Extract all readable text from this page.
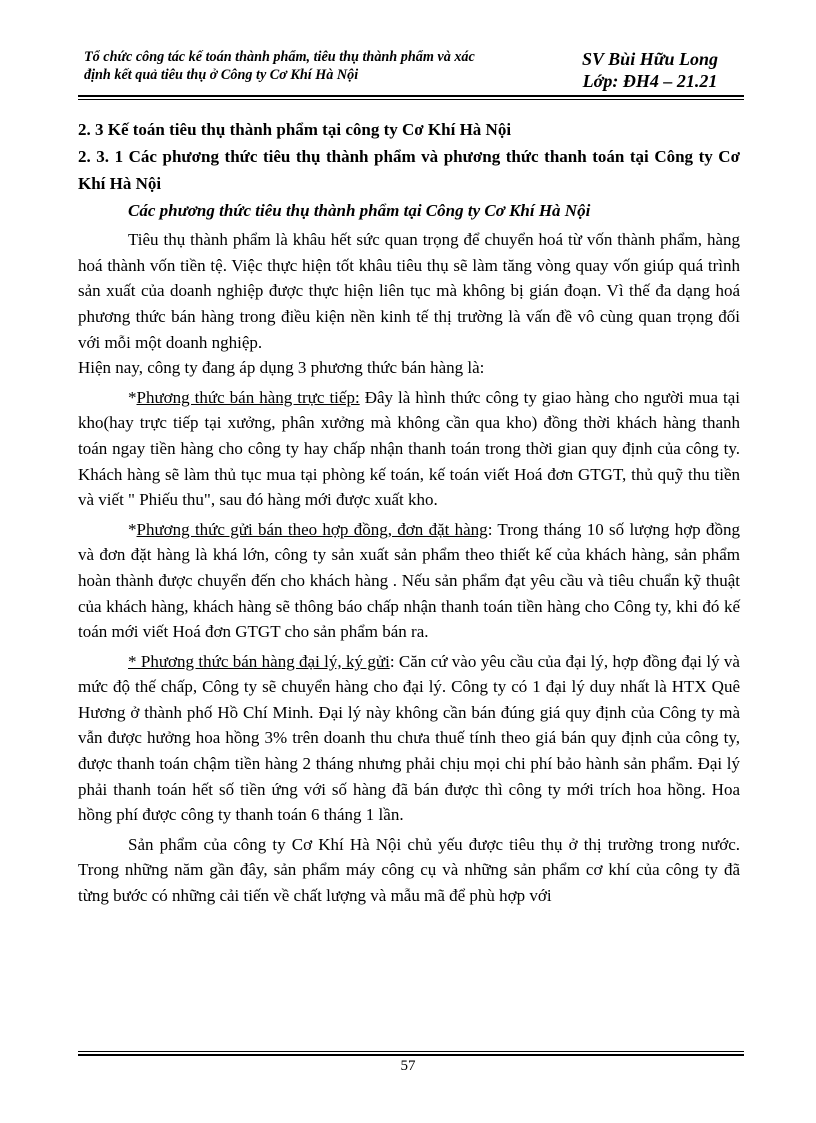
Tổ chức công tác kế toán thành phẩm, tiêu thụ thành phẩm và xác
định kết quả tiêu thụ ở Công ty Cơ Khí Hà Nội
SV Bùi Hữu Long
Lớp: ĐH4 – 21.21

2. 3 Kế toán tiêu thụ thành phẩm tại công ty Cơ Khí Hà Nội

2. 3. 1 Các phương thức tiêu thụ thành phẩm và phương thức thanh toán tại Công ty Cơ Khí Hà Nội

Các phương thức tiêu thụ thành phẩm tại Công ty Cơ Khí Hà Nội

Tiêu thụ thành phẩm là khâu hết sức quan trọng để chuyển hoá từ vốn thành phẩm, hàng hoá thành vốn tiền tệ. Việc thực hiện tốt khâu tiêu thụ sẽ làm tăng vòng quay vốn giúp quá trình sản xuất của doanh nghiệp được thực hiện liên tục mà không bị gián đoạn. Vì thế đa dạng hoá phương thức bán hàng trong điều kiện nền kinh tế thị trường là vấn đề vô cùng quan trọng đối với mỗi một doanh nghiệp.

Hiện nay, công ty đang áp dụng 3 phương thức bán hàng là:

*Phương thức bán hàng trực tiếp: Đây là hình thức công ty giao hàng cho người mua tại kho(hay trực tiếp tại xưởng, phân xưởng mà không cần qua kho) đồng thời khách hàng thanh toán ngay tiền hàng cho công ty hay chấp nhận thanh toán trong thời gian quy định của công ty. Khách hàng sẽ làm thủ tục mua tại phòng kế toán, kế toán viết Hoá đơn GTGT, thủ quỹ thu tiền và viết " Phiếu thu", sau đó hàng mới được xuất kho.

*Phương thức gửi bán theo hợp đồng, đơn đặt hàng: Trong tháng 10 số lượng hợp đồng và đơn đặt hàng là khá lớn, công ty sản xuất sản phẩm theo thiết kế của khách hàng, sản phẩm hoàn thành được chuyển đến cho khách hàng . Nếu sản phẩm đạt yêu cầu và tiêu chuẩn kỹ thuật của khách hàng, khách hàng sẽ thông báo chấp nhận thanh toán tiền hàng cho Công ty, khi đó kế toán mới viết Hoá đơn GTGT cho sản phẩm bán ra.

* Phương thức bán hàng đại lý, ký gửi: Căn cứ vào yêu cầu của đại lý, hợp đồng đại lý và mức độ thế chấp, Công ty sẽ chuyển hàng cho đại lý. Công ty có 1 đại lý duy nhất là HTX Quê Hương ở thành phố Hồ Chí Minh. Đại lý này không cần bán đúng giá quy định của Công ty mà vẫn được hưởng hoa hồng 3% trên doanh thu chưa thuế tính theo giá bán quy định của công ty, được thanh toán chậm tiền hàng 2 tháng nhưng phải chịu mọi chi phí bảo hành sản phẩm. Đại lý phải thanh toán hết số tiền ứng với số hàng đã bán được thì công ty mới trích hoa hồng. Hoa hồng phí được công ty thanh toán 6 tháng 1 lần.

Sản phẩm của công ty Cơ Khí Hà Nội chủ yếu được tiêu thụ ở thị trường trong nước. Trong những năm gần đây, sản phẩm máy công cụ và những sản phẩm cơ khí của công ty đã từng bước có những cải tiến về chất lượng và mẫu mã để phù hợp với

57
